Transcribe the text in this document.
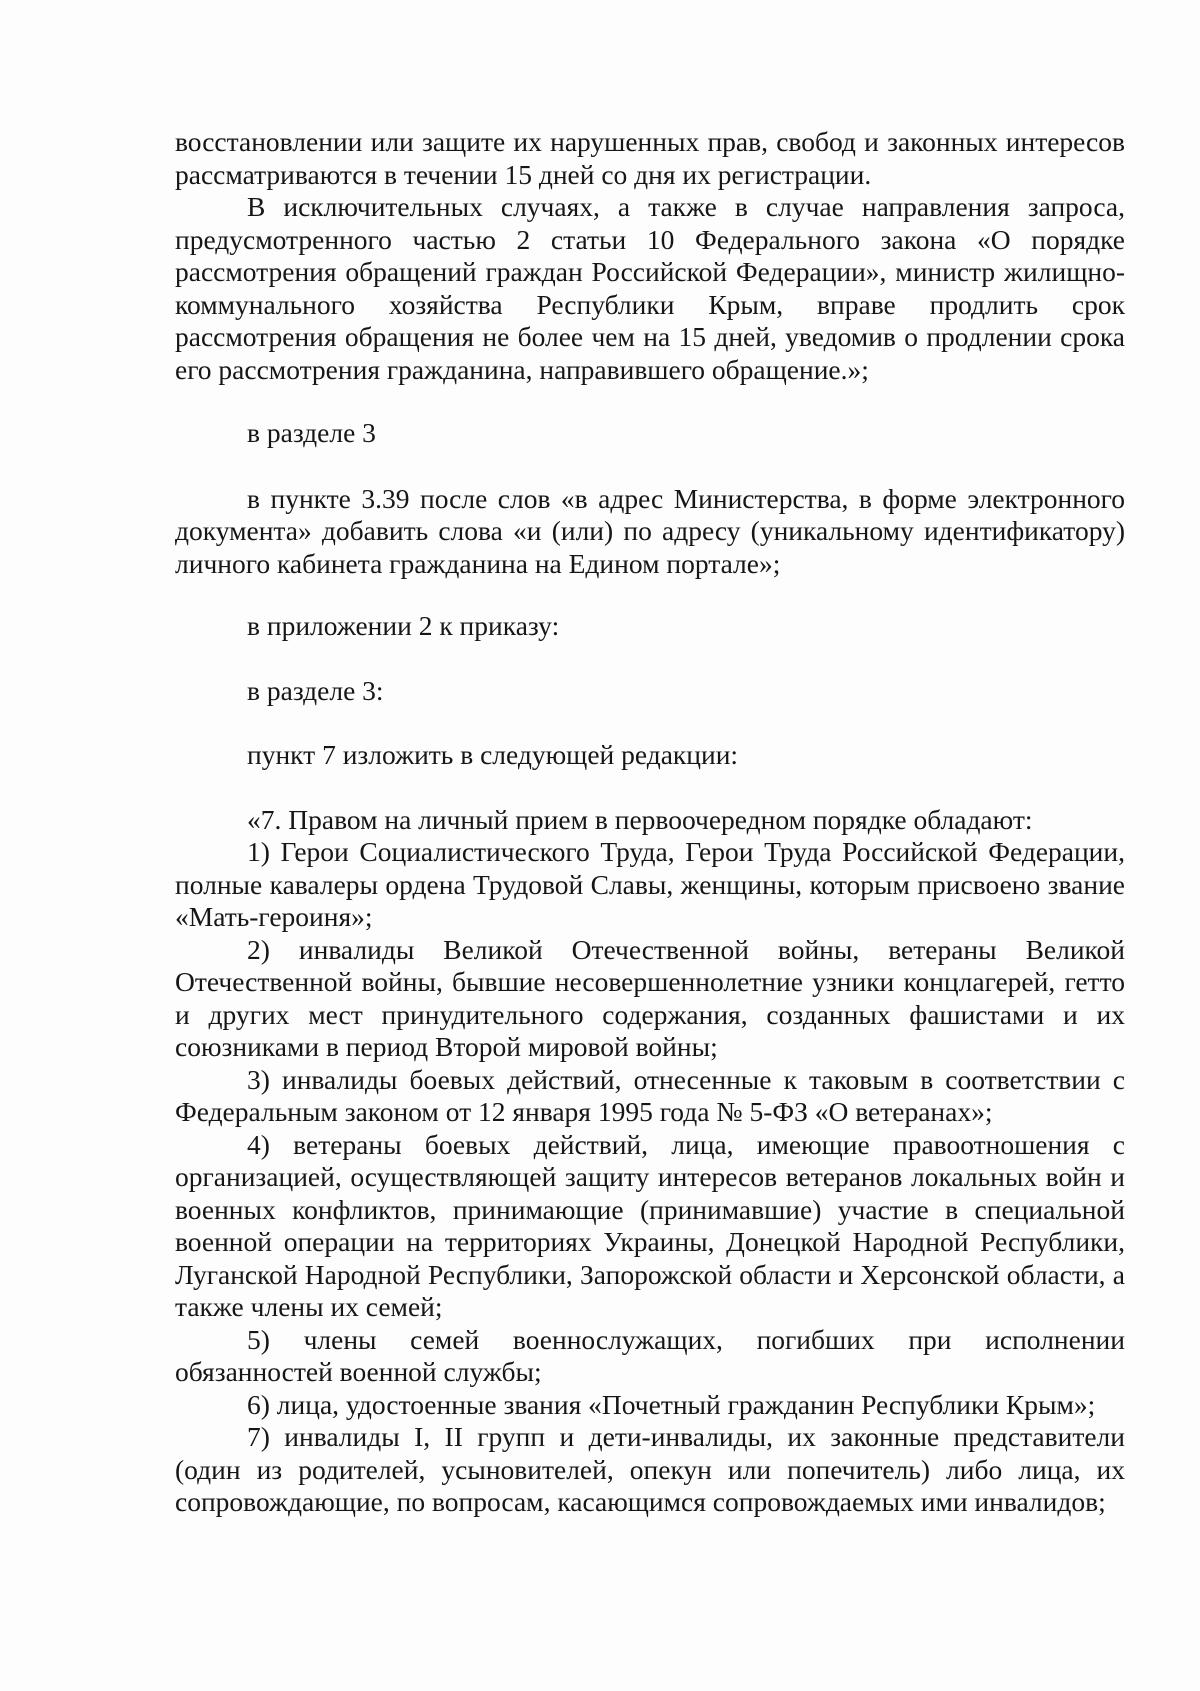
восстановлении или защите их нарушенных прав, свобод и законных интересов рассматриваются в течении 15 дней со дня их регистрации.

В исключительных случаях, а также в случае направления запроса, предусмотренного частью 2 статьи 10 Федерального закона «О порядке рассмотрения обращений граждан Российской Федерации», министр жилищно-коммунального хозяйства Республики Крым, вправе продлить срок рассмотрения обращения не более чем на 15 дней, уведомив о продлении срока его рассмотрения гражданина, направившего обращение.»;

в разделе 3

в пункте 3.39 после слов «в адрес Министерства, в форме электронного документа» добавить слова «и (или) по адресу (уникальному идентификатору) личного кабинета гражданина на Едином портале»;

в приложении 2 к приказу:

в разделе 3:

пункт 7 изложить в следующей редакции:

«7. Правом на личный прием в первоочередном порядке обладают:

1) Герои Социалистического Труда, Герои Труда Российской Федерации, полные кавалеры ордена Трудовой Славы, женщины, которым присвоено звание «Мать-героиня»;

2) инвалиды Великой Отечественной войны, ветераны Великой Отечественной войны, бывшие несовершеннолетние узники концлагерей, гетто и других мест принудительного содержания, созданных фашистами и их союзниками в период Второй мировой войны;

3) инвалиды боевых действий, отнесенные к таковым в соответствии с Федеральным законом от 12 января 1995 года № 5-ФЗ «О ветеранах»;

4) ветераны боевых действий, лица, имеющие правоотношения с организацией, осуществляющей защиту интересов ветеранов локальных войн и военных конфликтов, принимающие (принимавшие) участие в специальной военной операции на территориях Украины, Донецкой Народной Республики, Луганской Народной Республики, Запорожской области и Херсонской области, а также члены их семей;

5) члены семей военнослужащих, погибших при исполнении обязанностей военной службы;

6) лица, удостоенные звания «Почетный гражданин Республики Крым»;

7) инвалиды I, II групп и дети-инвалиды, их законные представители (один из родителей, усыновителей, опекун или попечитель) либо лица, их сопровождающие, по вопросам, касающимся сопровождаемых ими инвалидов;
